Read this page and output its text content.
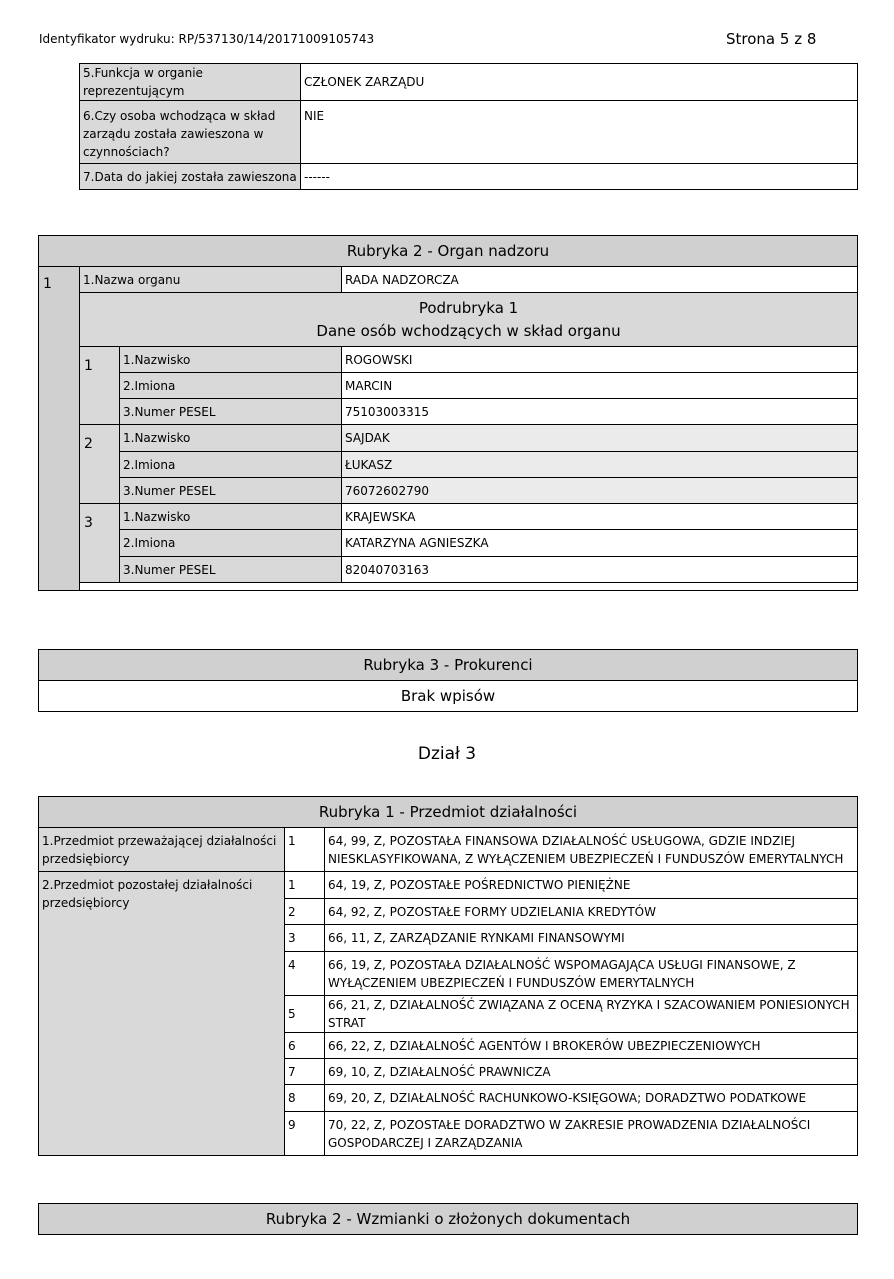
Identyfikator wydruku: RP/537130/14/20171009105743	Strona 5 z 8
5.Funkcja w organie reprezentującym	CZŁONEK ZARZĄDU
6.Czy osoba wchodząca w skład zarządu została zawieszona w czynnościach?	NIE
7.Data do jakiej została zawieszona	------
Rubryka 2 - Organ nadzoru			
1	1.Nazwa organu		RADA NADZORCZA

	Podrubryka 1
Dane osób wchodzących w skład organu		

	1	1.Nazwisko	ROGOWSKI
		2.Imiona	MARCIN
		3.Numer PESEL	75103003315
	2	1.Nazwisko	SAJDAK
		2.Imiona	ŁUKASZ
		3.Numer PESEL	76072602790
	3	1.Nazwisko	KRAJEWSKA
		2.Imiona	KATARZYNA AGNIESZKA
		3.Numer PESEL	82040703163

Rubryka 3 - Prokurenci
Brak wpisów
Dział 3
Rubryka 1 - Przedmiot działalności		
1.Przedmiot przeważającej działalności przedsiębiorcy	1	64, 99, Z, POZOSTAŁA FINANSOWA DZIAŁALNOŚĆ USŁUGOWA, GDZIE INDZIEJ NIESKLASYFIKOWANA, Z WYŁĄCZENIEM UBEZPIECZEŃ I FUNDUSZÓW EMERYTALNYCH
2.Przedmiot pozostałej działalności przedsiębiorcy	1	64, 19, Z, POZOSTAŁE POŚREDNICTWO PIENIĘŻNE
	2	64, 92, Z, POZOSTAŁE FORMY UDZIELANIA KREDYTÓW
	3	66, 11, Z, ZARZĄDZANIE RYNKAMI FINANSOWYMI
	4	66, 19, Z, POZOSTAŁA DZIAŁALNOŚĆ WSPOMAGAJĄCA USŁUGI FINANSOWE, Z WYŁĄCZENIEM UBEZPIECZEŃ I FUNDUSZÓW EMERYTALNYCH
	5	66, 21, Z, DZIAŁALNOŚĆ ZWIĄZANA Z OCENĄ RYZYKA I SZACOWANIEM PONIESIONYCH STRAT
	6	66, 22, Z, DZIAŁALNOŚĆ AGENTÓW I BROKERÓW UBEZPIECZENIOWYCH
	7	69, 10, Z, DZIAŁALNOŚĆ PRAWNICZA
	8	69, 20, Z, DZIAŁALNOŚĆ RACHUNKOWO-KSIĘGOWA; DORADZTWO PODATKOWE
	9	70, 22, Z, POZOSTAŁE DORADZTWO W ZAKRESIE PROWADZENIA DZIAŁALNOŚCI GOSPODARCZEJ I ZARZĄDZANIA
Rubryka 2 - Wzmianki o złożonych dokumentach
